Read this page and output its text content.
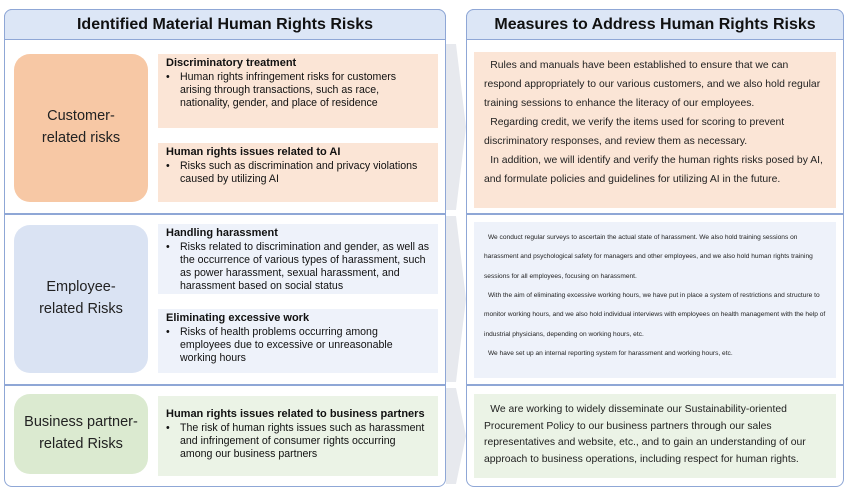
Identified Material Human Rights Risks	Measures to Address Human Rights Risks
Customer-
related risks
Discriminatory treatment
• Human rights infringement risks for customers arising through transactions, such as race, nationality, gender, and place of residence
Human rights issues related to AI
• Risks such as discrimination and privacy violations caused by utilizing AI
Employee-
related Risks
Handling harassment
• Risks related to discrimination and gender, as well as the occurrence of various types of harassment, such as power harassment, sexual harassment, and harassment based on social status
Eliminating excessive work
• Risks of health problems occurring among employees due to excessive or unreasonable working hours
Business partner-
related Risks
Human rights issues related to business partners
• The risk of human rights issues such as harassment and infringement of consumer rights occurring among our business partners

Rules and manuals have been established to ensure that we can respond appropriately to our various customers, and we also hold regular training sessions to enhance the literacy of our employees.

Regarding credit, we verify the items used for scoring to prevent discriminatory responses, and review them as necessary.

In addition, we will identify and verify the human rights risks posed by AI, and formulate policies and guidelines for utilizing AI in the future.

We conduct regular surveys to ascertain the actual state of harassment. We also hold training sessions on harassment and psychological safety for managers and other employees, and we also hold human rights training sessions for all employees, focusing on harassment.

With the aim of eliminating excessive working hours, we have put in place a system of restrictions and structure to monitor working hours, and we also hold individual interviews with employees on health management with the help of industrial physicians, depending on working hours, etc.

We have set up an internal reporting system for harassment and working hours, etc.

We are working to widely disseminate our Sustainability-oriented Procurement Policy to our business partners through our sales representatives and website, etc., and to gain an understanding of our approach to business operations, including respect for human rights.
